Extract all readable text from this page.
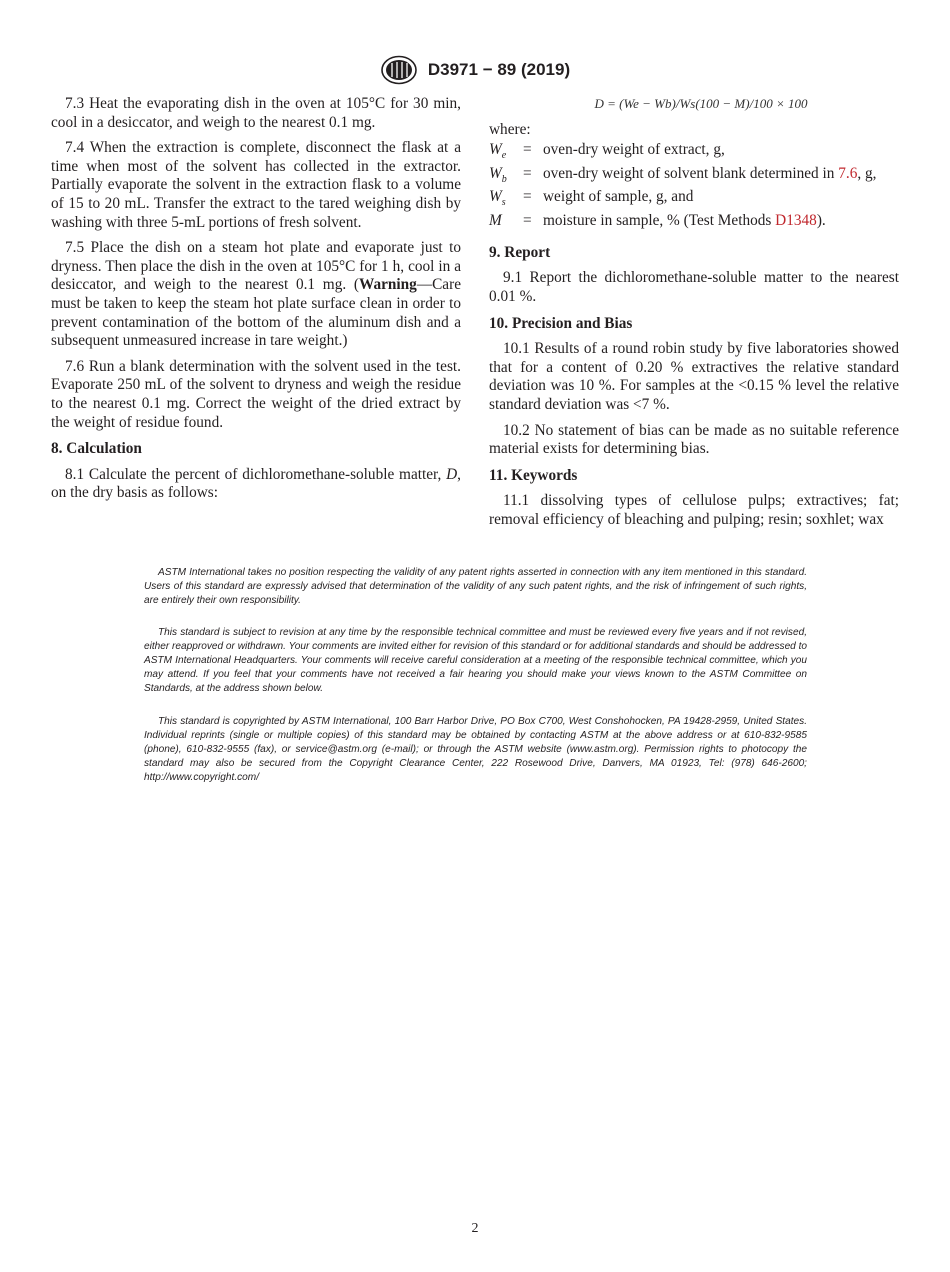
D3971 − 89 (2019)

7.3 Heat the evaporating dish in the oven at 105°C for 30 min, cool in a desiccator, and weigh to the nearest 0.1 mg.

7.4 When the extraction is complete, disconnect the flask at a time when most of the solvent has collected in the extractor. Partially evaporate the solvent in the extraction flask to a volume of 15 to 20 mL. Transfer the extract to the tared weighing dish by washing with three 5-mL portions of fresh solvent.

7.5 Place the dish on a steam hot plate and evaporate just to dryness. Then place the dish in the oven at 105°C for 1 h, cool in a desiccator, and weigh to the nearest 0.1 mg. (Warning—Care must be taken to keep the steam hot plate surface clean in order to prevent contamination of the bottom of the aluminum dish and a subsequent unmeasured increase in tare weight.)

7.6 Run a blank determination with the solvent used in the test. Evaporate 250 mL of the solvent to dryness and weigh the residue to the nearest 0.1 mg. Correct the weight of the dried extract by the weight of residue found.

8. Calculation

8.1 Calculate the percent of dichloromethane-soluble matter, D, on the dry basis as follows:

D = (We − Wb)/Ws(100 − M)/100 × 100

where:

$W_e$	=	oven-dry weight of extract, g,
$W_b$	=	oven-dry weight of solvent blank determined in 7.6, g,
$W_s$	=	weight of sample, g, and
M	=	moisture in sample, % (Test Methods D1348).
9. Report

9.1 Report the dichloromethane-soluble matter to the nearest 0.01 %.

10. Precision and Bias

10.1 Results of a round robin study by five laboratories showed that for a content of 0.20 % extractives the relative standard deviation was 10 %. For samples at the <0.15 % level the relative standard deviation was <7 %.

10.2 No statement of bias can be made as no suitable reference material exists for determining bias.

11. Keywords

11.1 dissolving types of cellulose pulps; extractives; fat; removal efficiency of bleaching and pulping; resin; soxhlet; wax

ASTM International takes no position respecting the validity of any patent rights asserted in connection with any item mentioned in this standard. Users of this standard are expressly advised that determination of the validity of any such patent rights, and the risk of infringement of such rights, are entirely their own responsibility.

This standard is subject to revision at any time by the responsible technical committee and must be reviewed every five years and if not revised, either reapproved or withdrawn. Your comments are invited either for revision of this standard or for additional standards and should be addressed to ASTM International Headquarters. Your comments will receive careful consideration at a meeting of the responsible technical committee, which you may attend. If you feel that your comments have not received a fair hearing you should make your views known to the ASTM Committee on Standards, at the address shown below.

This standard is copyrighted by ASTM International, 100 Barr Harbor Drive, PO Box C700, West Conshohocken, PA 19428-2959, United States. Individual reprints (single or multiple copies) of this standard may be obtained by contacting ASTM at the above address or at 610-832-9585 (phone), 610-832-9555 (fax), or service@astm.org (e-mail); or through the ASTM website (www.astm.org). Permission rights to photocopy the standard may also be secured from the Copyright Clearance Center, 222 Rosewood Drive, Danvers, MA 01923, Tel: (978) 646-2600; http://www.copyright.com/

2
